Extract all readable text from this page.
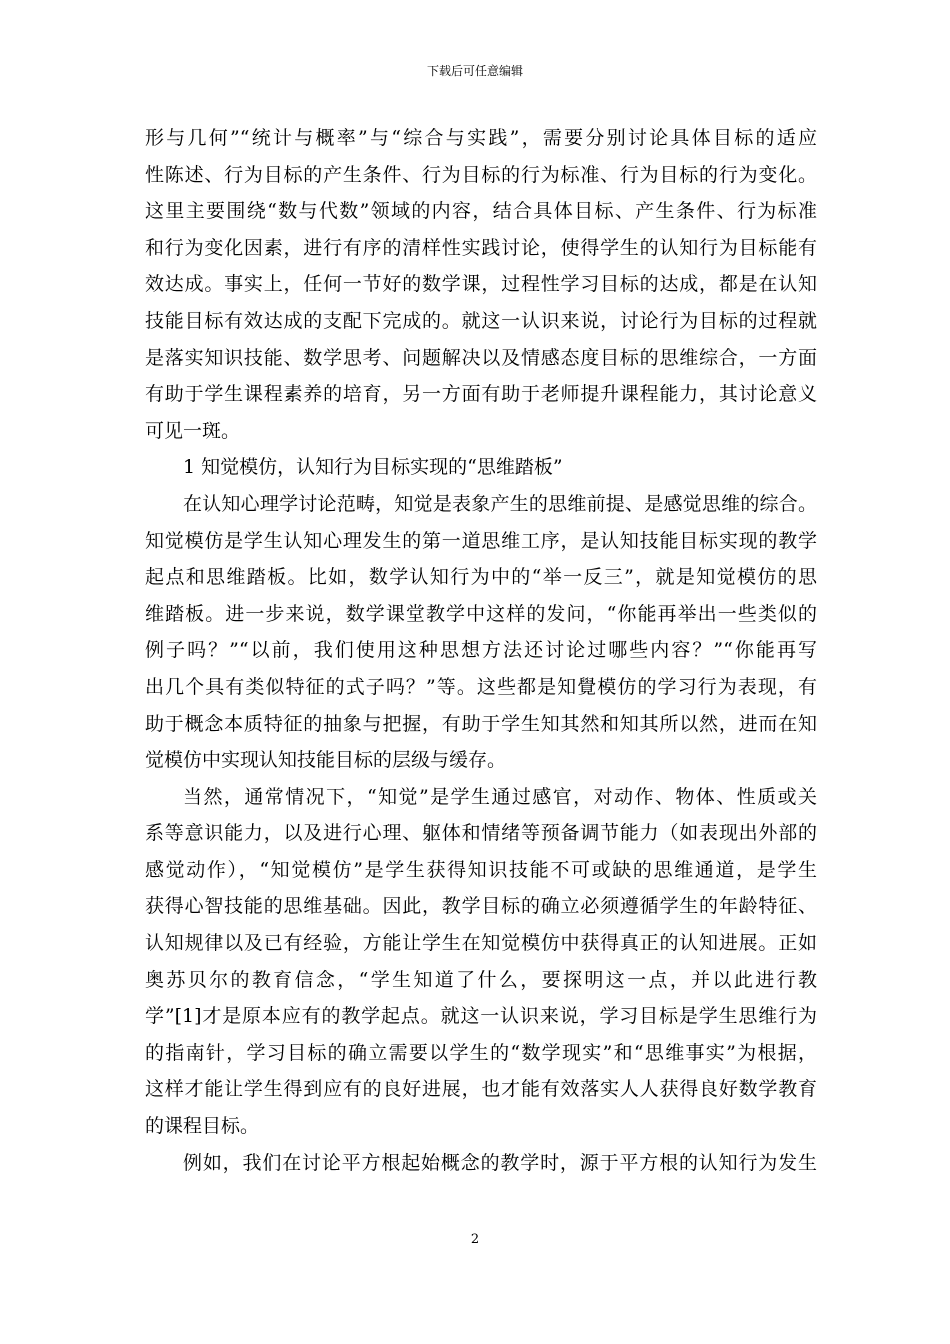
下载后可任意编辑
形与几何”“统计与概率”与“综合与实践”，需要分别讨论具体目标的适应
性陈述、行为目标的产生条件、行为目标的行为标准、行为目标的行为变化。
这里主要围绕“数与代数”领域的内容，结合具体目标、产生条件、行为标准
和行为变化因素，进行有序的清样性实践讨论，使得学生的认知行为目标能有
效达成。事实上，任何一节好的数学课，过程性学习目标的达成，都是在认知
技能目标有效达成的支配下完成的。就这一认识来说，讨论行为目标的过程就
是落实知识技能、数学思考、问题解决以及情感态度目标的思维综合，一方面
有助于学生课程素养的培育，另一方面有助于老师提升课程能力，其讨论意义
可见一斑。
1 知觉模仿，认知行为目标实现的“思维踏板”
在认知心理学讨论范畴，知觉是表象产生的思维前提、是感觉思维的综合。
知觉模仿是学生认知心理发生的第一道思维工序，是认知技能目标实现的教学
起点和思维踏板。比如，数学认知行为中的“举一反三”，就是知觉模仿的思
维踏板。进一步来说，数学课堂教学中这样的发问，“你能再举出一些类似的
例子吗？”“以前，我们使用这种思想方法还讨论过哪些内容？”“你能再写
出几个具有类似特征的式子吗？”等。这些都是知覺模仿的学习行为表现，有
助于概念本质特征的抽象与把握，有助于学生知其然和知其所以然，进而在知
觉模仿中实现认知技能目标的层级与缓存。
当然，通常情况下，“知觉”是学生通过感官，对动作、物体、性质或关
系等意识能力，以及进行心理、躯体和情绪等预备调节能力（如表现出外部的
感觉动作），“知觉模仿”是学生获得知识技能不可或缺的思维通道，是学生
获得心智技能的思维基础。因此，教学目标的确立必须遵循学生的年龄特征、
认知规律以及已有经验，方能让学生在知觉模仿中获得真正的认知进展。正如
奥苏贝尔的教育信念，“学生知道了什么，要探明这一点，并以此进行教
学”[1]才是原本应有的教学起点。就这一认识来说，学习目标是学生思维行为
的指南针，学习目标的确立需要以学生的“数学现实”和“思维事实”为根据，
这样才能让学生得到应有的良好进展，也才能有效落实人人获得良好数学教育
的课程目标。
例如，我们在讨论平方根起始概念的教学时，源于平方根的认知行为发生
2
